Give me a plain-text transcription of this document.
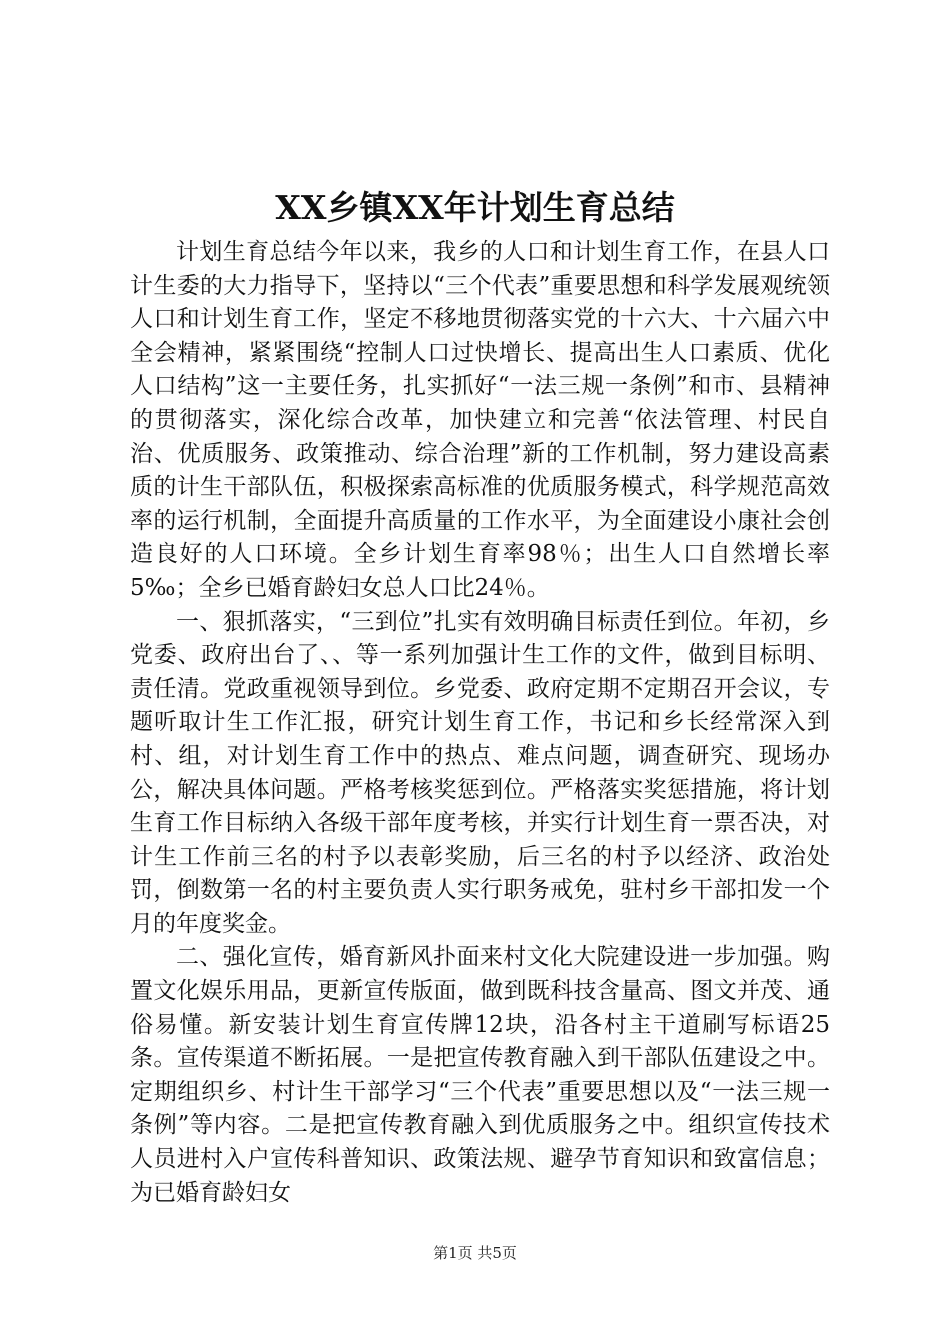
XX乡镇XX年计划生育总结

计划生育总结今年以来，我乡的人口和计划生育工作，在县人口计生委的大力指导下，坚持以“三个代表”重要思想和科学发展观统领人口和计划生育工作，坚定不移地贯彻落实党的十六大、十六届六中全会精神，紧紧围绕“控制人口过快增长、提高出生人口素质、优化人口结构”这一主要任务，扎实抓好“一法三规一条例”和市、县精神的贯彻落实，深化综合改革，加快建立和完善“依法管理、村民自治、优质服务、政策推动、综合治理”新的工作机制，努力建设高素质的计生干部队伍，积极探索高标准的优质服务模式，科学规范高效率的运行机制，全面提升高质量的工作水平，为全面建设小康社会创造良好的人口环境。全乡计划生育率98％；出生人口自然增长率5‰；全乡已婚育龄妇女总人口比24％。

一、狠抓落实，“三到位”扎实有效明确目标责任到位。年初，乡党委、政府出台了、、等一系列加强计生工作的文件，做到目标明、责任清。党政重视领导到位。乡党委、政府定期不定期召开会议，专题听取计生工作汇报，研究计划生育工作，书记和乡长经常深入到村、组，对计划生育工作中的热点、难点问题，调查研究、现场办公，解决具体问题。严格考核奖惩到位。严格落实奖惩措施，将计划生育工作目标纳入各级干部年度考核，并实行计划生育一票否决，对计生工作前三名的村予以表彰奖励，后三名的村予以经济、政治处罚，倒数第一名的村主要负责人实行职务戒免，驻村乡干部扣发一个月的年度奖金。

二、强化宣传，婚育新风扑面来村文化大院建设进一步加强。购置文化娱乐用品，更新宣传版面，做到既科技含量高、图文并茂、通俗易懂。新安装计划生育宣传牌12块，沿各村主干道刷写标语25条。宣传渠道不断拓展。一是把宣传教育融入到干部队伍建设之中。定期组织乡、村计生干部学习“三个代表”重要思想以及“一法三规一条例”等内容。二是把宣传教育融入到优质服务之中。组织宣传技术人员进村入户宣传科普知识、政策法规、避孕节育知识和致富信息；为已婚育龄妇女

第1页 共5页
